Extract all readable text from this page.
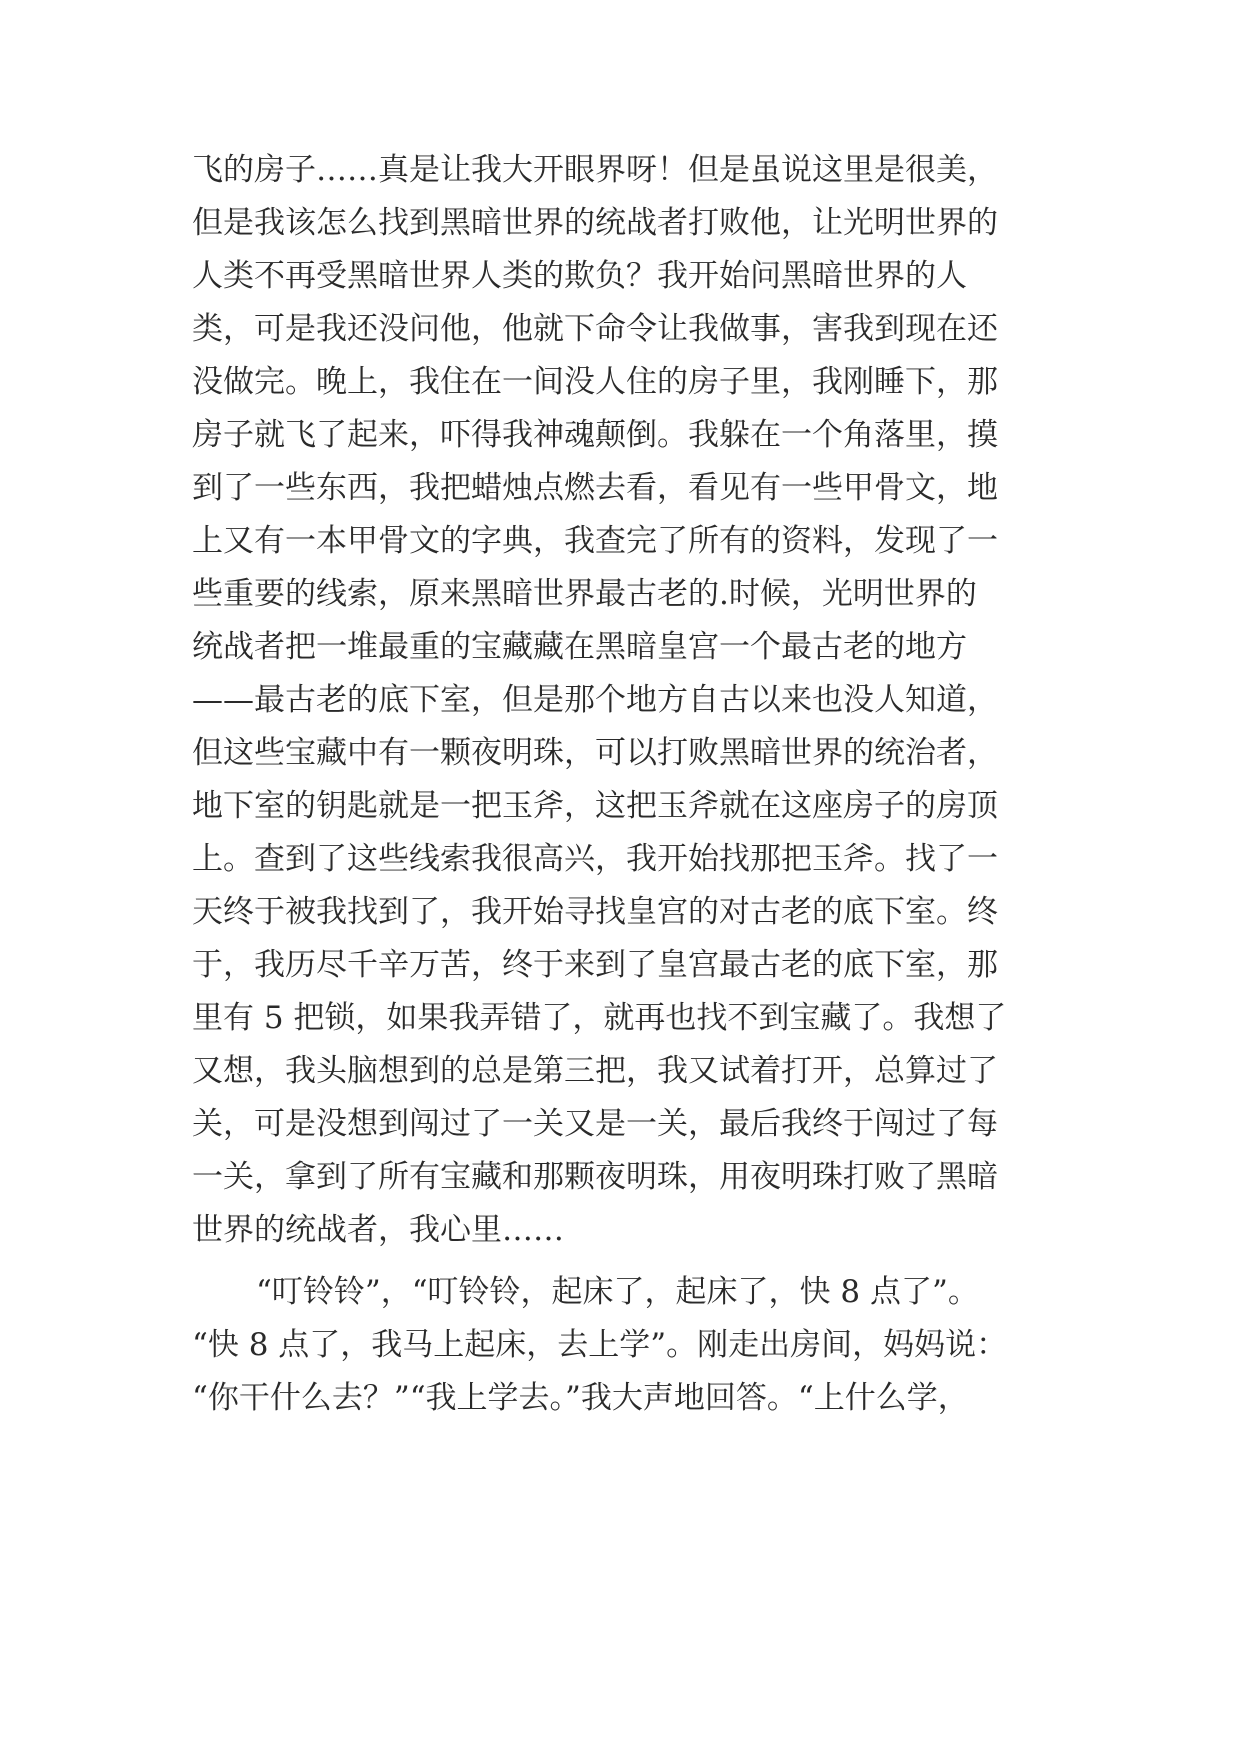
飞的房子……真是让我大开眼界呀！但是虽说这里是很美，
但是我该怎么找到黑暗世界的统战者打败他，让光明世界的
人类不再受黑暗世界人类的欺负？我开始问黑暗世界的人
类，可是我还没问他，他就下命令让我做事，害我到现在还
没做完。晚上，我住在一间没人住的房子里，我刚睡下，那
房子就飞了起来，吓得我神魂颠倒。我躲在一个角落里，摸
到了一些东西，我把蜡烛点燃去看，看见有一些甲骨文，地
上又有一本甲骨文的字典，我查完了所有的资料，发现了一
些重要的线索，原来黑暗世界最古老的.时候，光明世界的
统战者把一堆最重的宝藏藏在黑暗皇宫一个最古老的地方
——最古老的底下室，但是那个地方自古以来也没人知道，
但这些宝藏中有一颗夜明珠，可以打败黑暗世界的统治者，
地下室的钥匙就是一把玉斧，这把玉斧就在这座房子的房顶
上。查到了这些线索我很高兴，我开始找那把玉斧。找了一
天终于被我找到了，我开始寻找皇宫的对古老的底下室。终
于，我历尽千辛万苦，终于来到了皇宫最古老的底下室，那
里有 5 把锁，如果我弄错了，就再也找不到宝藏了。我想了
又想，我头脑想到的总是第三把，我又试着打开，总算过了
关，可是没想到闯过了一关又是一关，最后我终于闯过了每
一关，拿到了所有宝藏和那颗夜明珠，用夜明珠打败了黑暗
世界的统战者，我心里……
“叮铃铃”，“叮铃铃，起床了，起床了，快 8 点了”。
“快 8 点了，我马上起床，去上学”。刚走出房间，妈妈说：
“你干什么去？”“我上学去。”我大声地回答。“上什么学，
